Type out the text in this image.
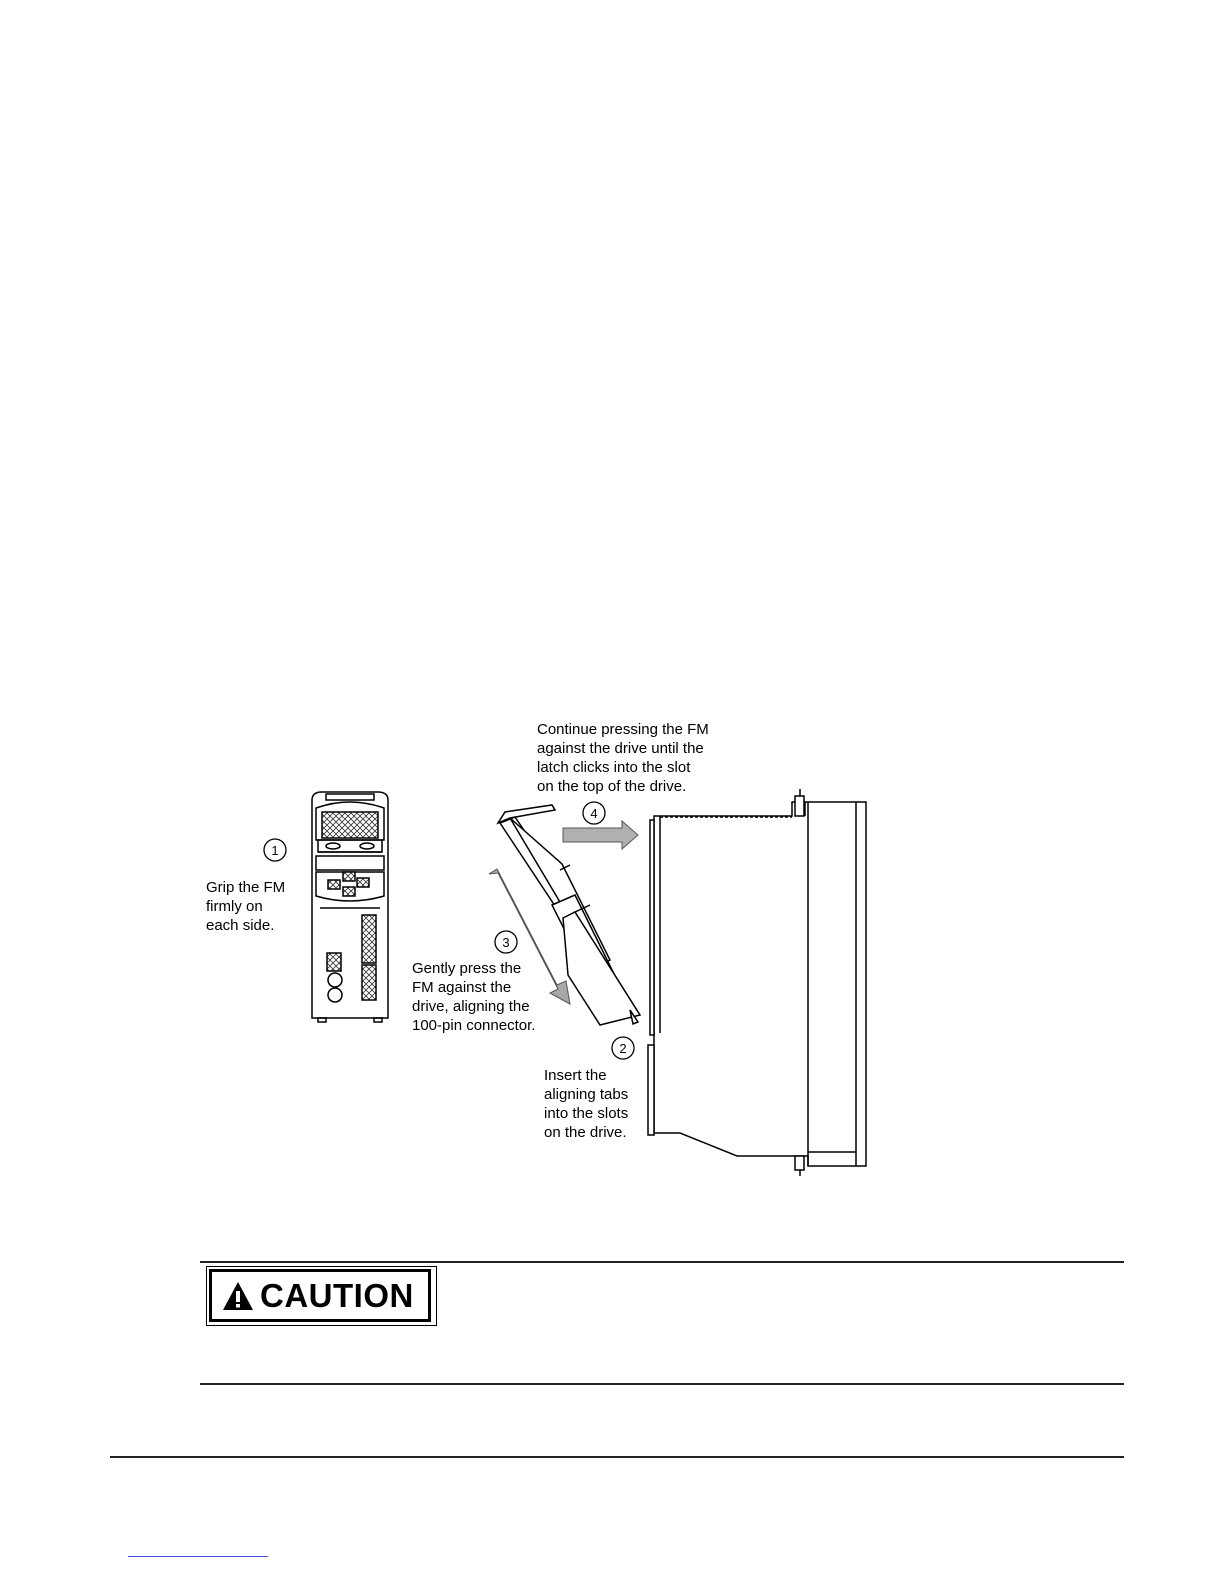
1
2
3
4
Grip the FM
firmly on
each side.
Insert the
aligning tabs
into the slots
on the drive.
Gently press the
FM against the
drive, aligning the
100-pin connector.
Continue pressing the FM
against the drive until the
latch clicks into the slot
on the top of the drive.
CAUTION
